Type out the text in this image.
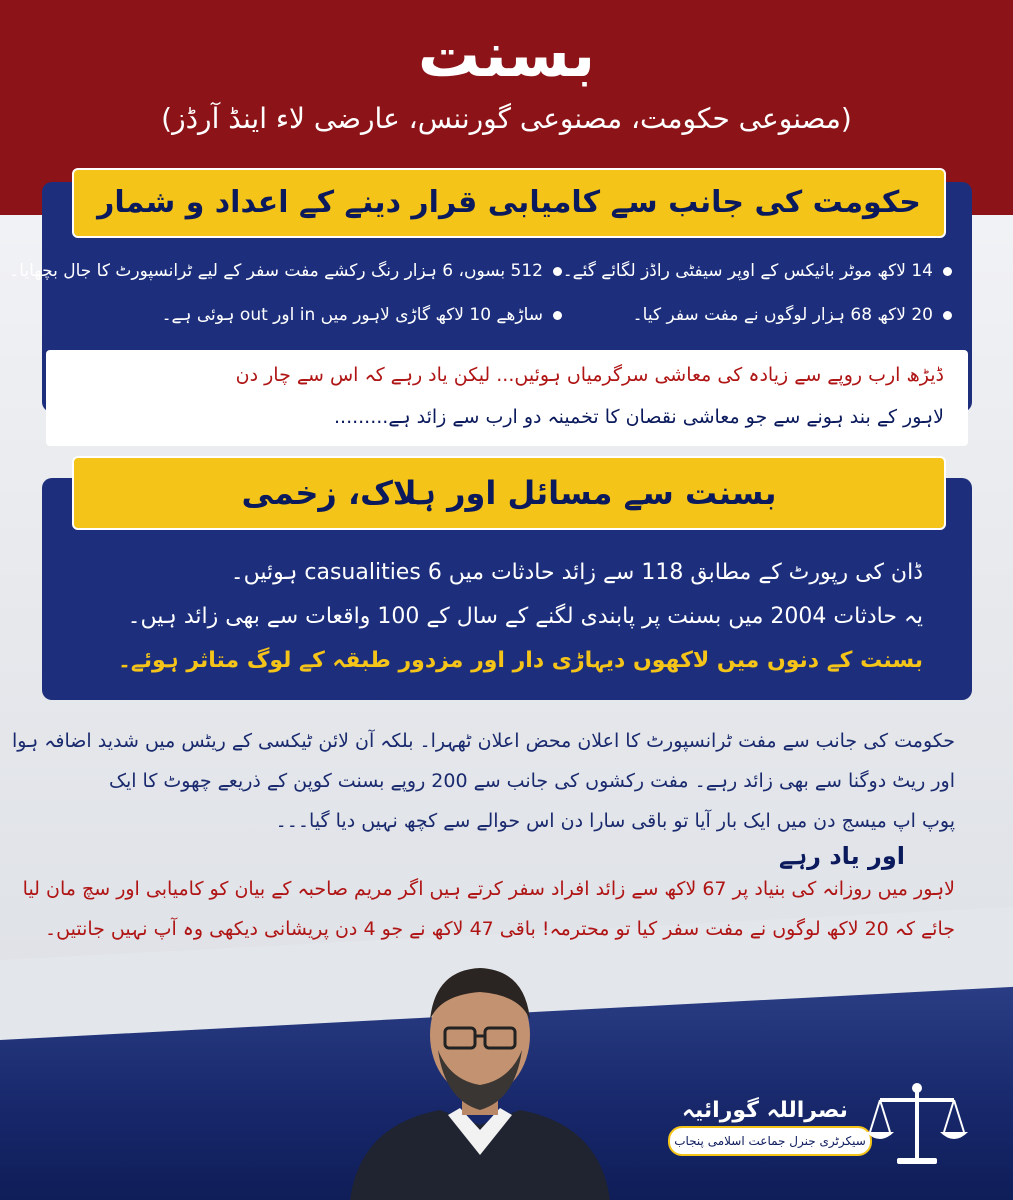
بسنت
(مصنوعی حکومت، مصنوعی گورننس، عارضی لاء اینڈ آرڈز)
حکومت کی جانب سے کامیابی قرار دینے کے اعداد و شمار
14 لاکھ موٹر بائیکس کے اوپر سیفٹی راڈز لگائے گئے۔
512 بسوں، 6 ہزار رنگ رکشے مفت سفر کے لیے ٹرانسپورٹ کا جال بچھایا۔
20 لاکھ 68 ہزار لوگوں نے مفت سفر کیا۔
ساڑھے 10 لاکھ گاڑی لاہور میں in اور out ہوئی ہے۔
ڈیڑھ ارب روپے سے زیادہ کی معاشی سرگرمیاں ہوئیں... لیکن یاد رہے کہ اس سے چار دن
لاہور کے بند ہونے سے جو معاشی نقصان کا تخمینہ دو ارب سے زائد ہے.........
بسنت سے مسائل اور ہلاک، زخمی
ڈان کی رپورٹ کے مطابق 118 سے زائد حادثات میں 6 casualities ہوئیں۔
یہ حادثات 2004 میں بسنت پر پابندی لگنے کے سال کے 100 واقعات سے بھی زائد ہیں۔
بسنت کے دنوں میں لاکھوں دیہاڑی دار اور مزدور طبقہ کے لوگ متاثر ہوئے۔
حکومت کی جانب سے مفت ٹرانسپورٹ کا اعلان محض اعلان ٹھہرا۔ بلکہ آن لائن ٹیکسی کے ریٹس میں شدید اضافہ ہوا
اور ریٹ دوگنا سے بھی زائد رہے۔ مفت رکشوں کی جانب سے 200 روپے بسنت کوپن کے ذریعے چھوٹ کا ایک
پوپ اپ میسج دن میں ایک بار آیا تو باقی سارا دن اس حوالے سے کچھ نہیں دیا گیا۔۔۔
اور یاد رہے
لاہور میں روزانہ کی بنیاد پر 67 لاکھ سے زائد افراد سفر کرتے ہیں اگر مریم صاحبہ کے بیان کو کامیابی اور سچ مان لیا
جائے کہ 20 لاکھ لوگوں نے مفت سفر کیا تو محترمہ! باقی 47 لاکھ نے جو 4 دن پریشانی دیکھی وہ آپ نہیں جانتیں۔
نصراللہ گورائیہ
سیکرٹری جنرل جماعت اسلامی پنجاب
